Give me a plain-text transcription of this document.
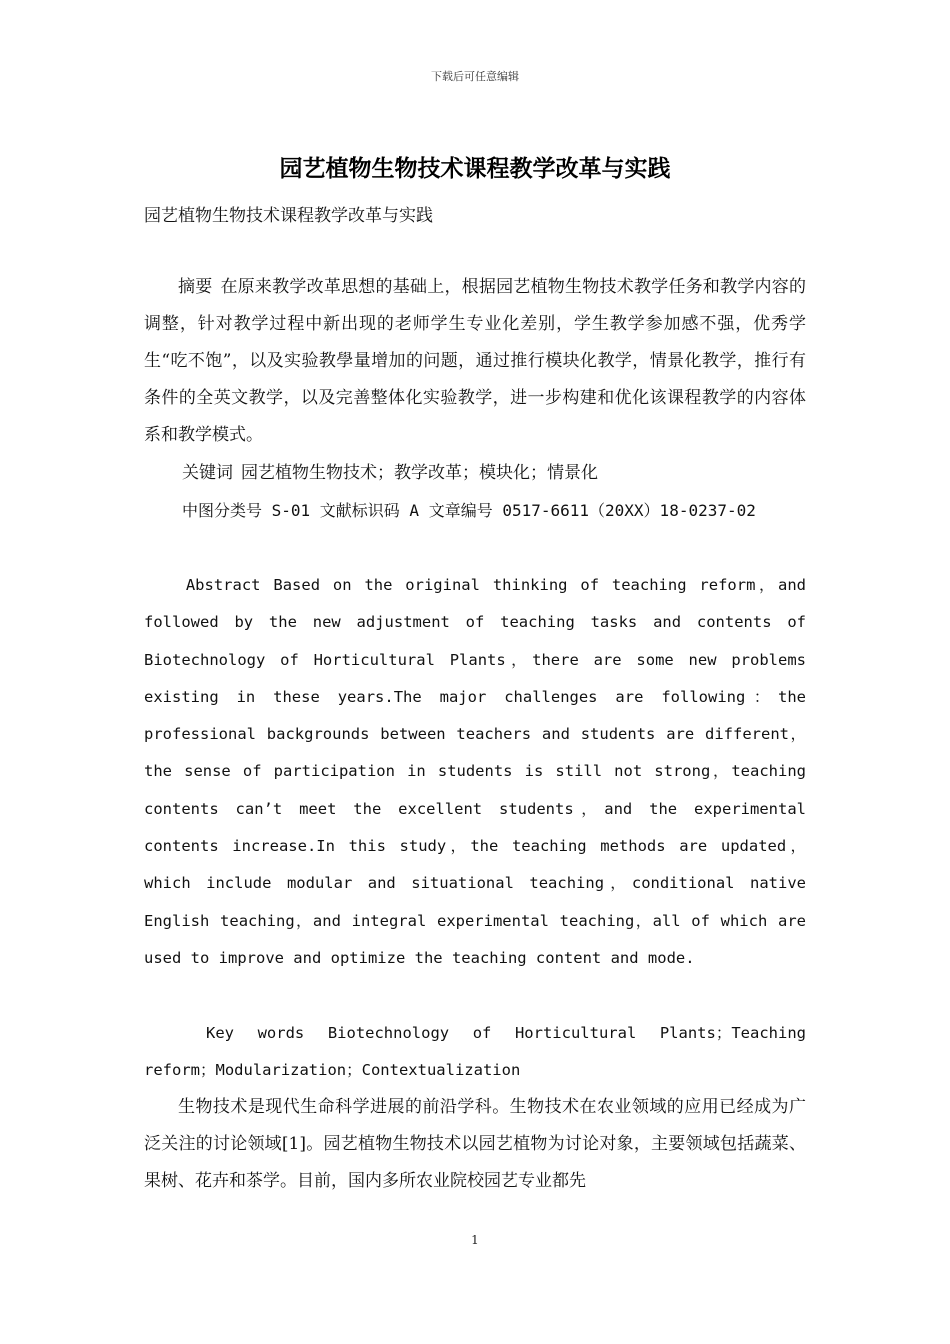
下载后可任意编辑
园艺植物生物技术课程教学改革与实践
园艺植物生物技术课程教学改革与实践
摘要 在原来教学改革思想的基础上，根据园艺植物生物技术教学任务和教学内容的调整，针对教学过程中新出现的老师学生专业化差别，学生教学参加感不强，优秀学生“吃不饱”，以及实验教學量增加的问题，通过推行模块化教学，情景化教学，推行有条件的全英文教学，以及完善整体化实验教学，进一步构建和优化该课程教学的内容体系和教学模式。
关键词 园艺植物生物技术；教学改革；模块化；情景化
中图分类号 S-01 文献标识码 A 文章编号 0517-6611（20XX）18-0237-02
Abstract Based on the original thinking of teaching reform，and followed by the new adjustment of teaching tasks and contents of Biotechnology of Horticultural Plants，there are some new problems existing in these years.The major challenges are following：the professional backgrounds between teachers and students are different，the sense of participation in students is still not strong，teaching contents can’t meet the excellent students，and the experimental contents increase.In this study，the teaching methods are updated，which include modular and situational teaching，conditional native English teaching，and integral experimental teaching，all of which are used to improve and optimize the teaching content and mode.
Key words Biotechnology of Horticultural Plants；Teaching reform；Modularization；Contextualization
生物技术是现代生命科学进展的前沿学科。生物技术在农业领域的应用已经成为广泛关注的讨论领域[1]。园艺植物生物技术以园艺植物为讨论对象，主要领域包括蔬菜、果树、花卉和茶学。目前，国内多所农业院校园艺专业都先
1
